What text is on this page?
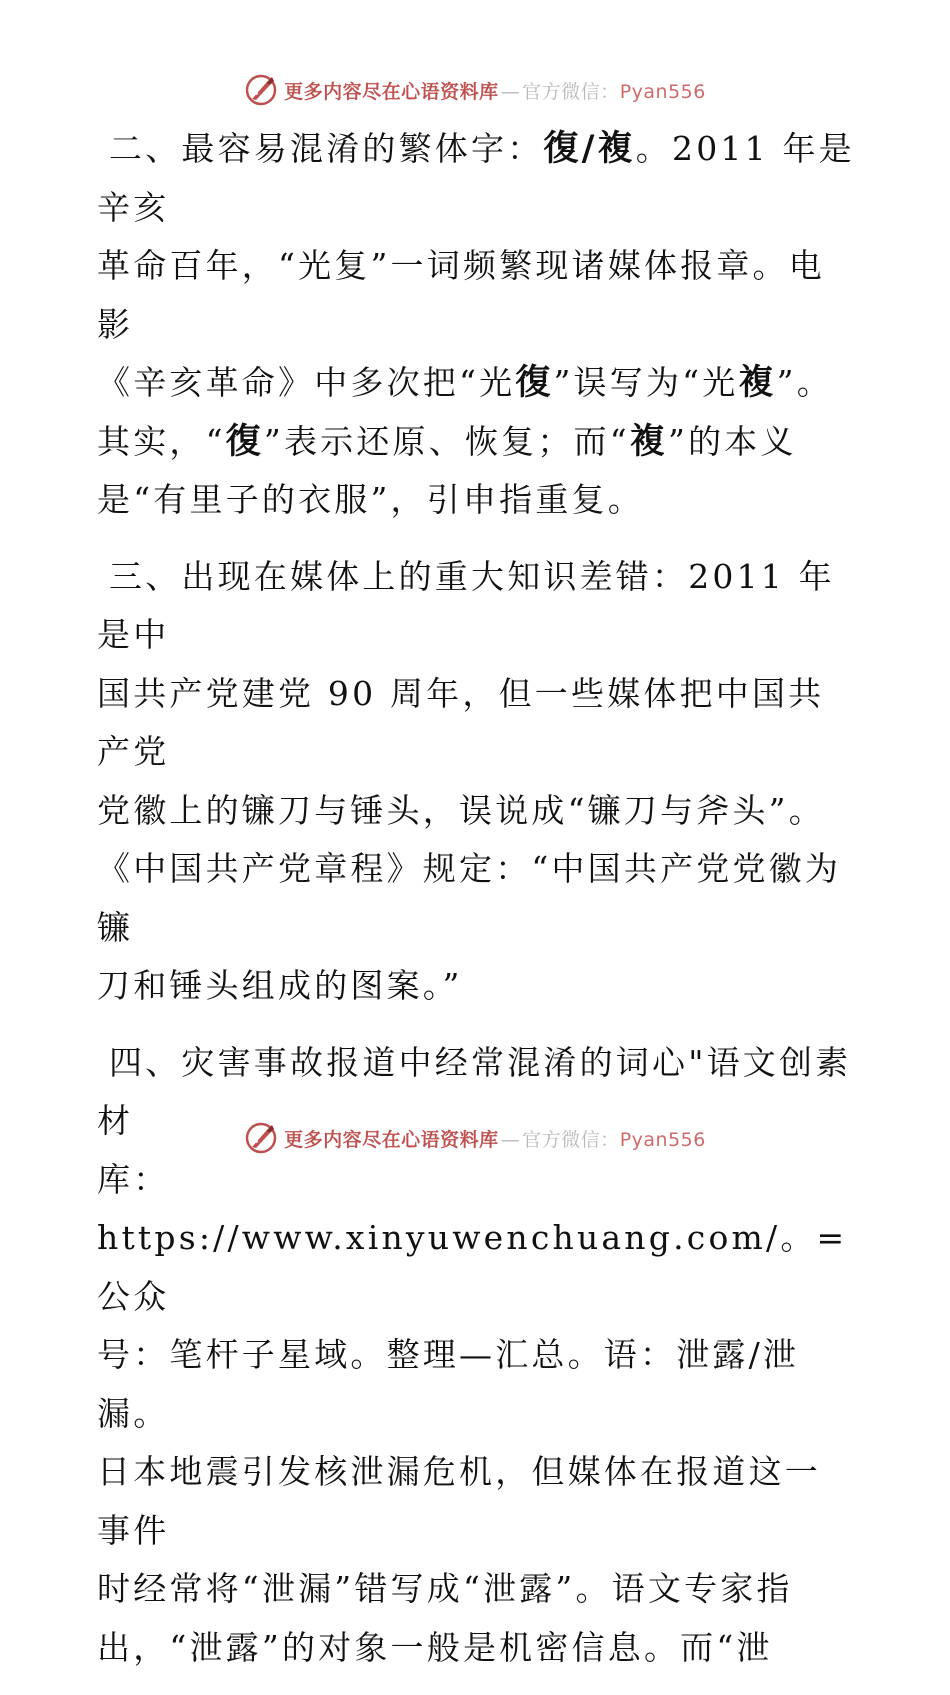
更多内容尽在心语资料库 — 官方微信：Pyan556
二、最容易混淆的繁体字：復/複。2011 年是辛亥
革命百年，“光复”一词频繁现诸媒体报章。电影
《辛亥革命》中多次把“光復”误写为“光複”。
其实，“復”表示还原、恢复；而“複”的本义
是“有里子的衣服”，引申指重复。
三、出现在媒体上的重大知识差错：2011 年是中
国共产党建党 90 周年，但一些媒体把中国共产党
党徽上的镰刀与锤头，误说成“镰刀与斧头”。
《中国共产党章程》规定：“中国共产党党徽为镰
刀和锤头组成的图案。”
四、灾害事故报道中经常混淆的词心"语文创素材
库：https://www.xinyuwenchuang.com/。=公众
号：笔杆子星域。整理—汇总。语：泄露/泄漏。
日本地震引发核泄漏危机，但媒体在报道这一事件
时经常将“泄漏”错写成“泄露”。语文专家指
出，“泄露”的对象一般是机密信息。而“泄
更多内容尽在心语资料库 — 官方微信：Pyan556
